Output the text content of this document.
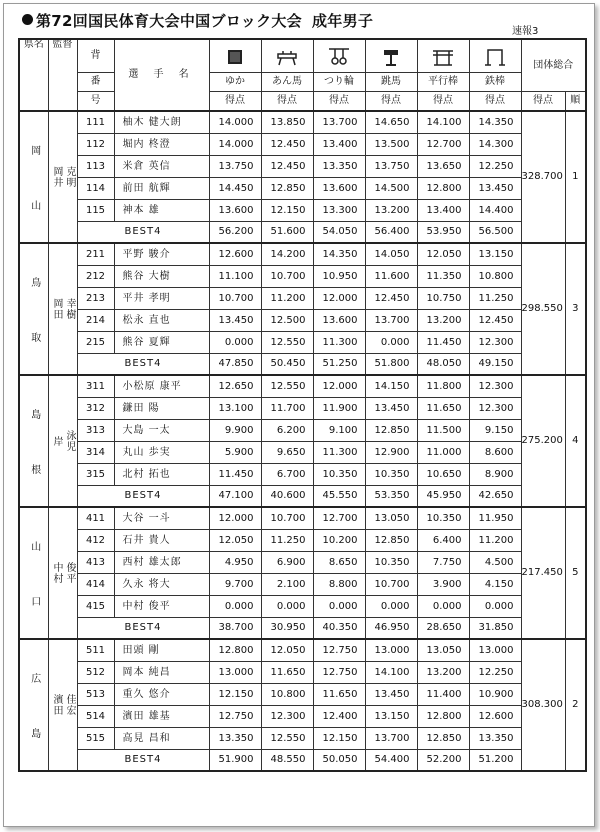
第72回国民体育大会中国ブロック大会 成年男子
速報3
県名	監督	背	選 手 名							団体総合	
		番		ゆか	あん馬	つり輪	跳馬	平行棒	鉄棒		
		号		得点	得点	得点	得点	得点	得点	得点	順

岡
山	岡井 克明	111	柚木 健大朗	14.000	13.850	13.700	14.650	14.100	14.350	328.700	1
		112	堀内 柊澄	14.000	12.450	13.400	13.500	12.700	14.300		
		113	米倉 英信	13.750	12.450	13.350	13.750	13.650	12.250		
		114	前田 航輝	14.450	12.850	13.600	14.500	12.800	13.450		
		115	神本 雄	13.600	12.150	13.300	13.200	13.400	14.400		
		BEST4		56.200	51.600	54.050	56.400	53.950	56.500		

鳥
取	岡田 幸樹	211	平野 駿介	12.600	14.200	14.350	14.050	12.050	13.150	298.550	3
		212	熊谷 大樹	11.100	10.700	10.950	11.600	11.350	10.800		
		213	平井 孝明	10.700	11.200	12.000	12.450	10.750	11.250		
		214	松永 直也	13.450	12.500	13.600	13.700	13.200	12.450		
		215	熊谷 夏輝	0.000	12.550	11.300	0.000	11.450	12.300		
		BEST4		47.850	50.450	51.250	51.800	48.050	49.150		

島
根	岸 泳児	311	小松原 康平	12.650	12.550	12.000	14.150	11.800	12.300	275.200	4
		312	鎌田 陽	13.100	11.700	11.900	13.450	11.650	12.300		
		313	大島 一太	9.900	6.200	9.100	12.850	11.500	9.150		
		314	丸山 歩実	5.900	9.650	11.300	12.900	11.000	8.600		
		315	北村 拓也	11.450	6.700	10.350	10.350	10.650	8.900		
		BEST4		47.100	40.600	45.550	53.350	45.950	42.650		

山
口	中村 俊平	411	大谷 一斗	12.000	10.700	12.700	13.050	10.350	11.950	217.450	5
		412	石井 貴人	12.050	11.250	10.200	12.850	6.400	11.200		
		413	西村 雄太郎	4.950	6.900	8.650	10.350	7.750	4.500		
		414	久永 将大	9.700	2.100	8.800	10.700	3.900	4.150		
		415	中村 俊平	0.000	0.000	0.000	0.000	0.000	0.000		
		BEST4		38.700	30.950	40.350	46.950	28.650	31.850		

広
島	濱田 佳宏	511	田頭 剛	12.800	12.050	12.750	13.000	13.050	13.000	308.300	2
		512	岡本 純昌	13.000	11.650	12.750	14.100	13.200	12.250		
		513	重久 悠介	12.150	10.800	11.650	13.450	11.400	10.900		
		514	濱田 雄基	12.750	12.300	12.400	13.150	12.800	12.600		
		515	高見 昌和	13.350	12.550	12.150	13.700	12.850	13.350		
		BEST4		51.900	48.550	50.050	54.400	52.200	51.200		
